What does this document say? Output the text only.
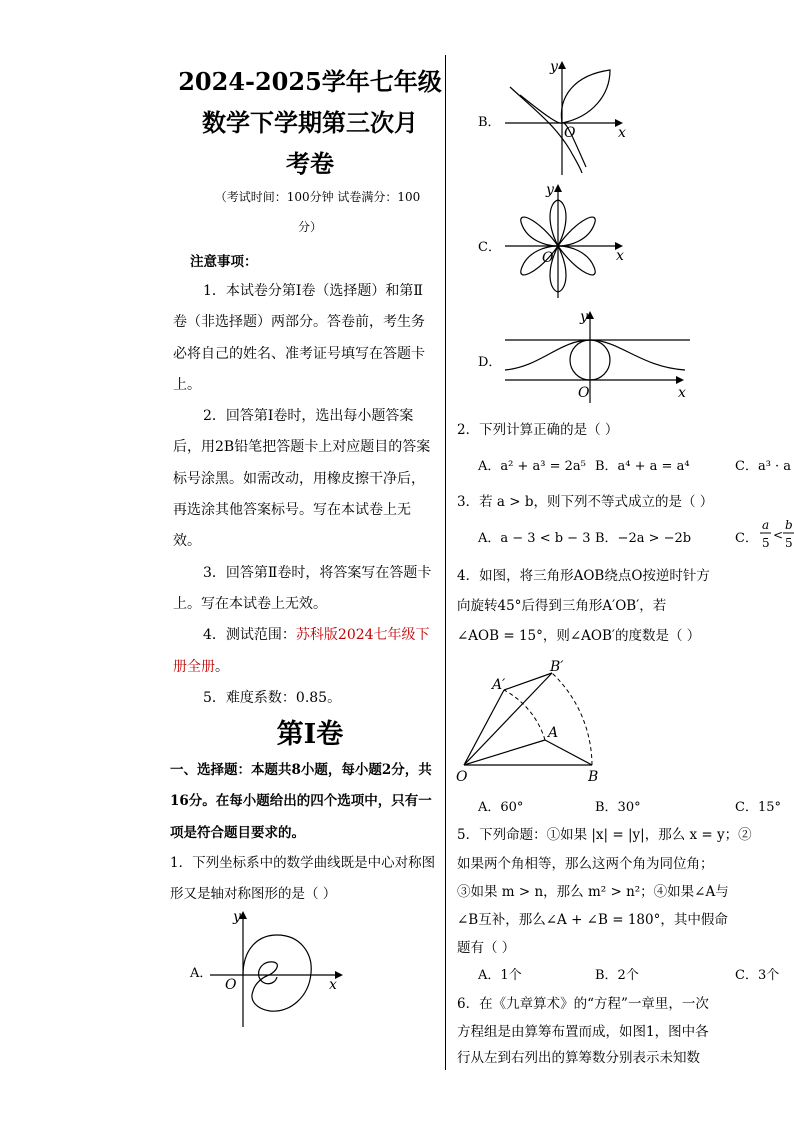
2024-2025学年七年级
数学下学期第三次月
考卷
（考试时间：100分钟 试卷满分：100
分）
注意事项：

1．本试卷分第Ⅰ卷（选择题）和第Ⅱ卷（非选择题）两部分。答卷前，考生务必将自己的姓名、准考证号填写在答题卡上。

2．回答第Ⅰ卷时，选出每小题答案后，用2B铅笔把答题卡上对应题目的答案标号涂黑。如需改动，用橡皮擦干净后，再选涂其他答案标号。写在本试卷上无效。

3．回答第Ⅱ卷时，将答案写在答题卡上。写在本试卷上无效。

4．测试范围：苏科版2024七年级下册全册。

5．难度系数：0.85。

第Ⅰ卷

一、选择题：本题共8小题，每小题2分，共16分。在每小题给出的四个选项中，只有一项是符合题目要求的。

1．下列坐标系中的数学曲线既是中心对称图形又是轴对称图形的是（ ）

A．
x
y
O
B．
x
y
O
C．
x
y
O
D．
x
y
O
2．下列计算正确的是（ ）
A．a² + a³ = 2a⁵ B．a⁴ + a = a⁴	C．a³ · a
3．若 a > b，则下列不等式成立的是（ ）
A．a − 3 < b − 3 B．−2a > −2b	C．
a
5
<
b
5
4．如图，将三角形AOB绕点O按逆时针方
向旋转45°后得到三角形A′OB′，若
∠AOB = 15°，则∠AOB′的度数是（ ）
O	B
A
A′
B′
A．60°	B．30°	C．15°
5．下列命题：①如果 |x| = |y|，那么 x = y；②
如果两个角相等，那么这两个角为同位角；
③如果 m > n，那么 m² > n²；④如果∠A与
∠B互补，那么∠A + ∠B = 180°，其中假命
题有（ ）
A．1个	B．2个	C．3个
6．在《九章算术》的“方程”一章里，一次
方程组是由算筹布置而成，如图1，图中各
行从左到右列出的算筹数分别表示未知数
